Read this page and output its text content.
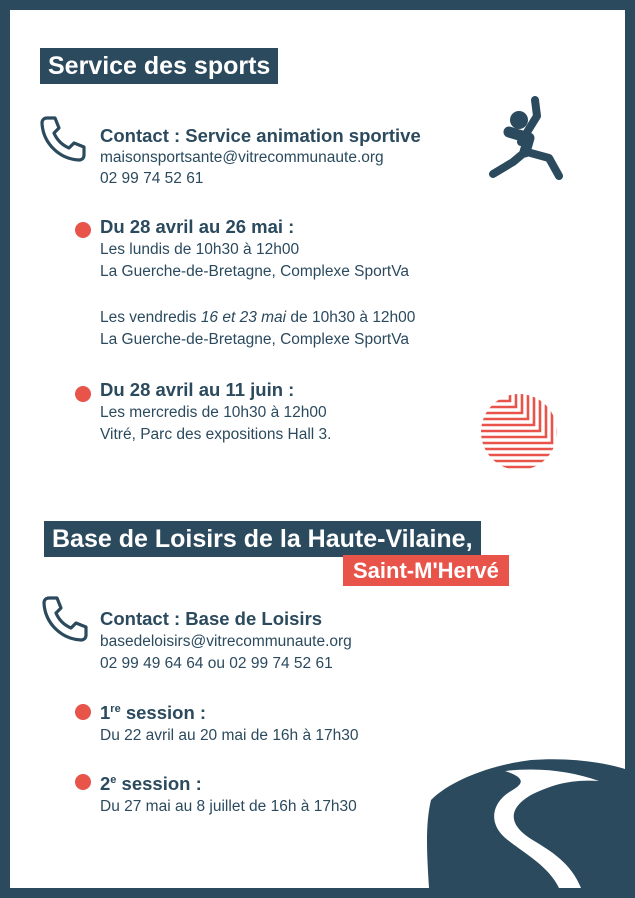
Service des sports
Contact : Service animation sportive
maisonsportsante@vitrecommunaute.org
02 99 74 52 61
Du 28 avril au 26 mai :
Les lundis de 10h30 à 12h00
La Guerche-de-Bretagne, Complexe SportVa
Les vendredis 16 et 23 mai de 10h30 à 12h00
La Guerche-de-Bretagne, Complexe SportVa
Du 28 avril au 11 juin :
Les mercredis de 10h30 à 12h00
Vitré, Parc des expositions Hall 3.
Base de Loisirs de la Haute-Vilaine,
Saint-M'Hervé
Contact : Base de Loisirs
basedeloisirs@vitrecommunaute.org
02 99 49 64 64 ou 02 99 74 52 61
1re session :
Du 22 avril au 20 mai de 16h à 17h30
2e session :
Du 27 mai au 8 juillet de 16h à 17h30
